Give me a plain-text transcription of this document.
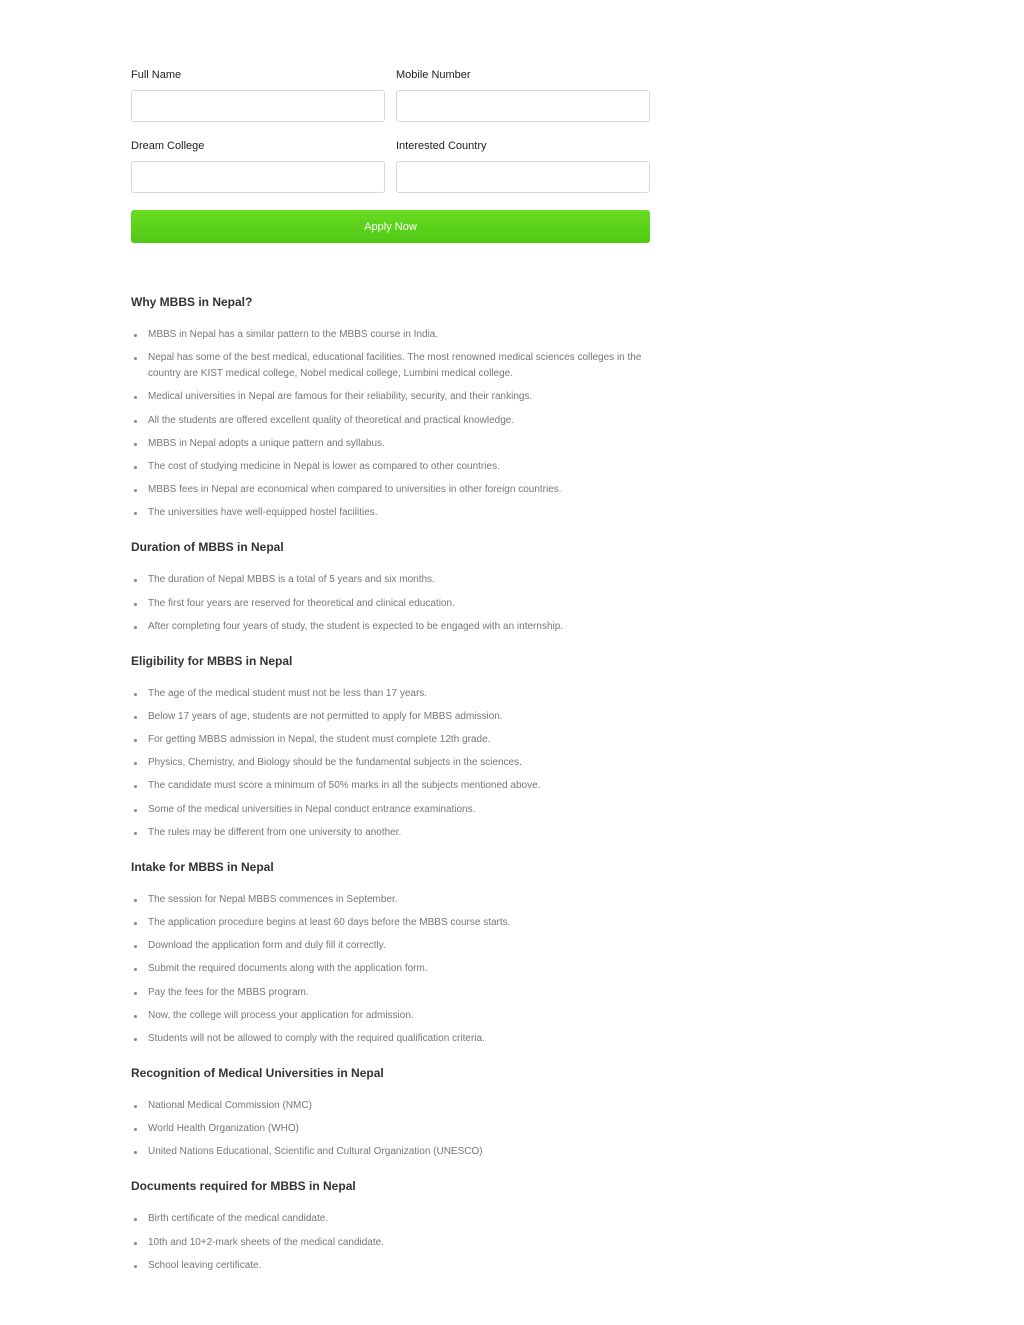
Full Name	Mobile Number
Dream College	Interested Country
Apply Now
Why MBBS in Nepal?
MBBS in Nepal has a similar pattern to the MBBS course in India.
Nepal has some of the best medical, educational facilities. The most renowned medical sciences colleges in the country are KIST medical college, Nobel medical college, Lumbini medical college.
Medical universities in Nepal are famous for their reliability, security, and their rankings.
All the students are offered excellent quality of theoretical and practical knowledge.
MBBS in Nepal adopts a unique pattern and syllabus.
The cost of studying medicine in Nepal is lower as compared to other countries.
MBBS fees in Nepal are economical when compared to universities in other foreign countries.
The universities have well-equipped hostel facilities.
Duration of MBBS in Nepal
The duration of Nepal MBBS is a total of 5 years and six months.
The first four years are reserved for theoretical and clinical education.
After completing four years of study, the student is expected to be engaged with an internship.
Eligibility for MBBS in Nepal
The age of the medical student must not be less than 17 years.
Below 17 years of age, students are not permitted to apply for MBBS admission.
For getting MBBS admission in Nepal, the student must complete 12th grade.
Physics, Chemistry, and Biology should be the fundamental subjects in the sciences.
The candidate must score a minimum of 50% marks in all the subjects mentioned above.
Some of the medical universities in Nepal conduct entrance examinations.
The rules may be different from one university to another.
Intake for MBBS in Nepal
The session for Nepal MBBS commences in September.
The application procedure begins at least 60 days before the MBBS course starts.
Download the application form and duly fill it correctly.
Submit the required documents along with the application form.
Pay the fees for the MBBS program.
Now, the college will process your application for admission.
Students will not be allowed to comply with the required qualification criteria.
Recognition of Medical Universities in Nepal
National Medical Commission (NMC)
World Health Organization (WHO)
United Nations Educational, Scientific and Cultural Organization (UNESCO)
Documents required for MBBS in Nepal
Birth certificate of the medical candidate.
10th and 10+2-mark sheets of the medical candidate.
School leaving certificate.
